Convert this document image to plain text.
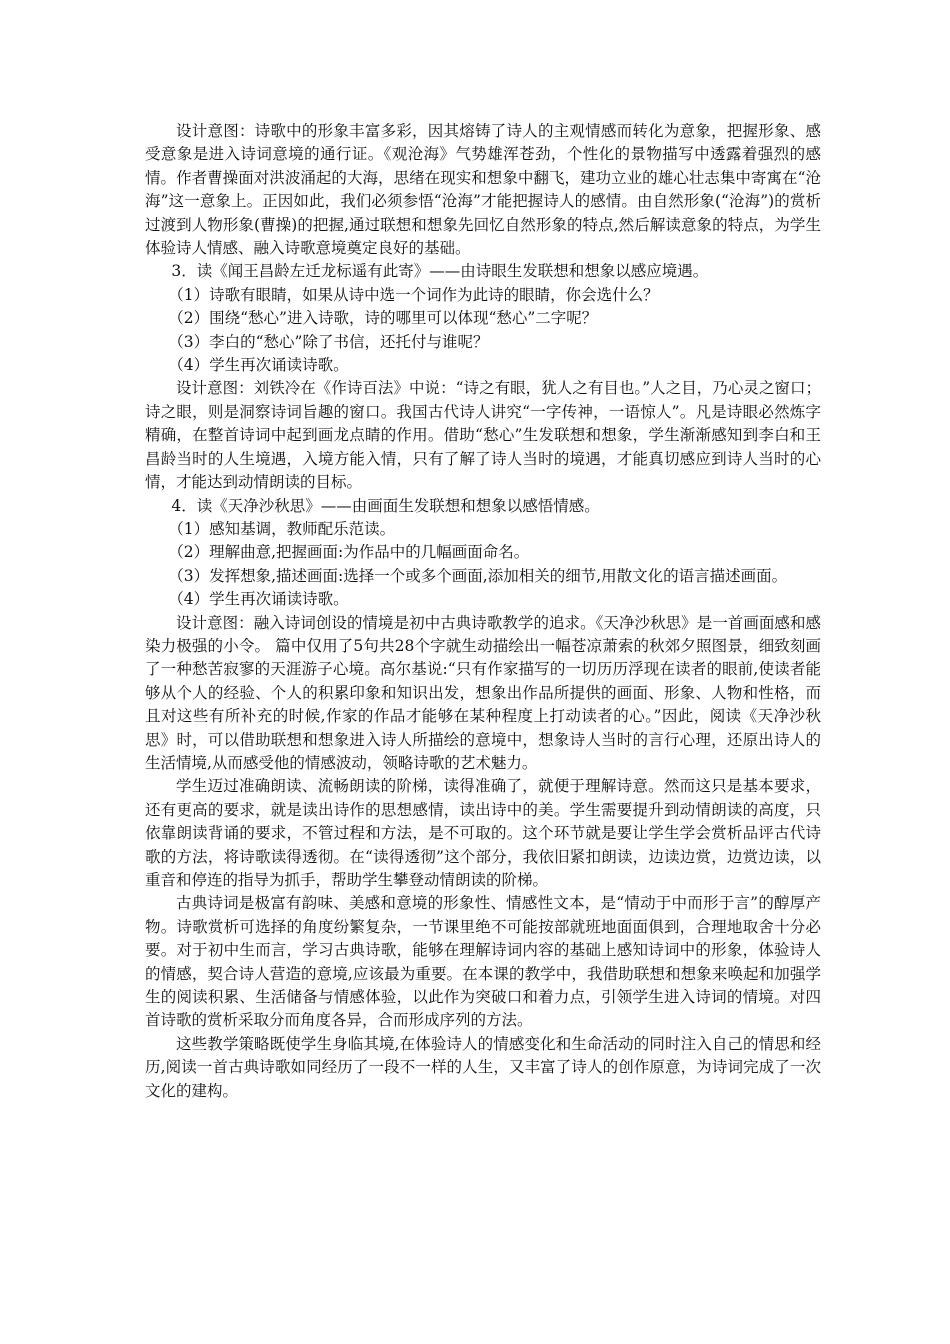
设计意图：诗歌中的形象丰富多彩，因其熔铸了诗人的主观情感而转化为意象，把握形象、感受意象是进入诗词意境的通行证。《观沧海》气势雄浑苍劲，个性化的景物描写中透露着强烈的感情。作者曹操面对洪波涌起的大海，思绪在现实和想象中翻飞，建功立业的雄心壮志集中寄寓在“沧海”这一意象上。正因如此，我们必须参悟“沧海”才能把握诗人的感情。由自然形象(“沧海”)的赏析过渡到人物形象(曹操)的把握,通过联想和想象先回忆自然形象的特点,然后解读意象的特点，为学生体验诗人情感、融入诗歌意境奠定良好的基础。

3．读《闻王昌龄左迁龙标遥有此寄》——由诗眼生发联想和想象以感应境遇。

（1）诗歌有眼睛，如果从诗中选一个词作为此诗的眼睛，你会选什么？

（2）围绕“愁心”进入诗歌，诗的哪里可以体现“愁心”二字呢？

（3）李白的“愁心”除了书信，还托付与谁呢？

（4）学生再次诵读诗歌。

设计意图：刘铁冷在《作诗百法》中说：“诗之有眼，犹人之有目也。”人之目，乃心灵之窗口；诗之眼，则是洞察诗词旨趣的窗口。我国古代诗人讲究“一字传神，一语惊人”。凡是诗眼必然炼字精确，在整首诗词中起到画龙点睛的作用。借助“愁心”生发联想和想象，学生渐渐感知到李白和王昌龄当时的人生境遇，入境方能入情，只有了解了诗人当时的境遇，才能真切感应到诗人当时的心情，才能达到动情朗读的目标。

4．读《天净沙秋思》——由画面生发联想和想象以感悟情感。

（1）感知基调，教师配乐范读。

（2）理解曲意,把握画面:为作品中的几幅画面命名。

（3）发挥想象,描述画面:选择一个或多个画面,添加相关的细节,用散文化的语言描述画面。

（4）学生再次诵读诗歌。

设计意图：融入诗词创设的情境是初中古典诗歌教学的追求。《天净沙秋思》是一首画面感和感染力极强的小令。 篇中仅用了5句共28个字就生动描绘出一幅苍凉萧索的秋郊夕照图景，细致刻画了一种愁苦寂寥的天涯游子心境。高尔基说:“只有作家描写的一切历历浮现在读者的眼前,使读者能够从个人的经验、个人的积累印象和知识出发，想象出作品所提供的画面、形象、人物和性格，而且对这些有所补充的时候,作家的作品才能够在某种程度上打动读者的心。”因此，阅读《天净沙秋思》时，可以借助联想和想象进入诗人所描绘的意境中，想象诗人当时的言行心理，还原出诗人的生活情境,从而感受他的情感波动，领略诗歌的艺术魅力。

学生迈过准确朗读、流畅朗读的阶梯，读得准确了，就便于理解诗意。然而这只是基本要求，还有更高的要求，就是读出诗作的思想感情，读出诗中的美。学生需要提升到动情朗读的高度，只依靠朗读背诵的要求，不管过程和方法，是不可取的。这个环节就是要让学生学会赏析品评古代诗歌的方法，将诗歌读得透彻。在“读得透彻”这个部分，我依旧紧扣朗读，边读边赏，边赏边读，以重音和停连的指导为抓手，帮助学生攀登动情朗读的阶梯。

古典诗词是极富有韵味、美感和意境的形象性、情感性文本，是“情动于中而形于言”的醇厚产物。诗歌赏析可选择的角度纷繁复杂，一节课里绝不可能按部就班地面面俱到，合理地取舍十分必要。对于初中生而言，学习古典诗歌，能够在理解诗词内容的基础上感知诗词中的形象，体验诗人的情感，契合诗人营造的意境,应该最为重要。在本课的教学中，我借助联想和想象来唤起和加强学生的阅读积累、生活储备与情感体验，以此作为突破口和着力点，引领学生进入诗词的情境。对四首诗歌的赏析采取分而角度各异，合而形成序列的方法。

这些教学策略既使学生身临其境,在体验诗人的情感变化和生命活动的同时注入自己的情思和经历,阅读一首古典诗歌如同经历了一段不一样的人生，又丰富了诗人的创作原意，为诗词完成了一次文化的建构。
